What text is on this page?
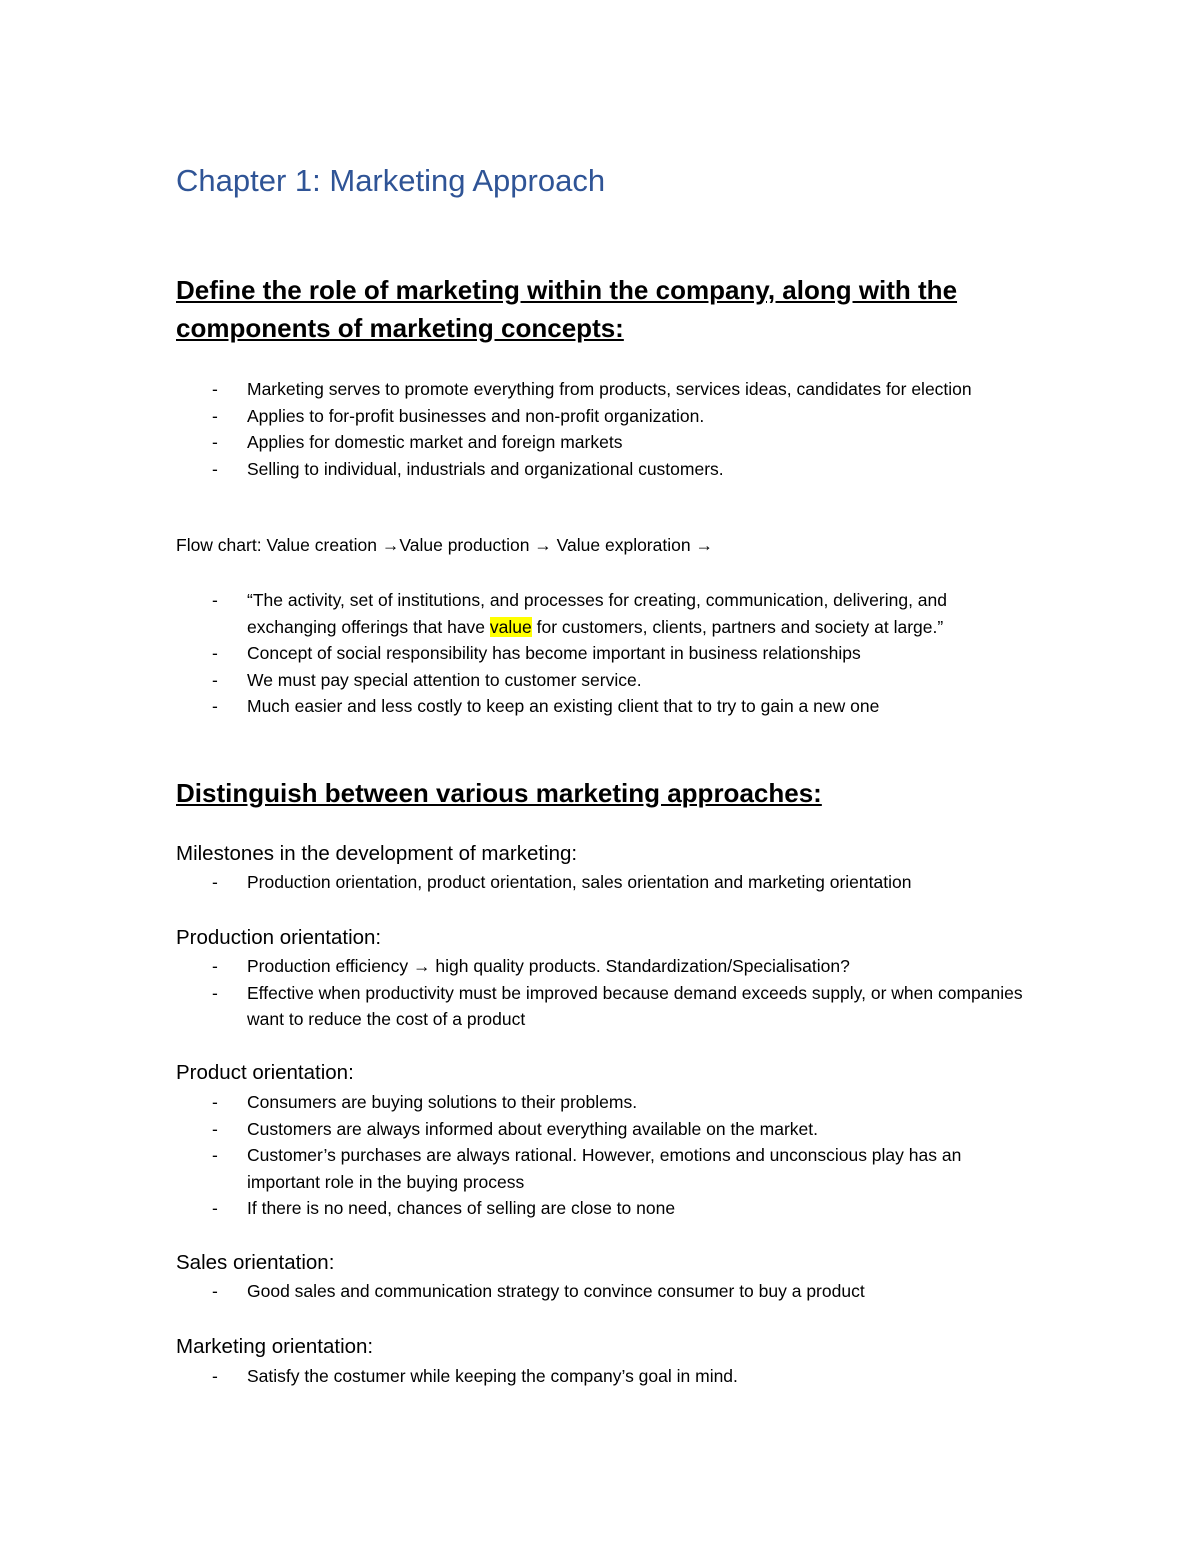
Chapter 1: Marketing Approach
Define the role of marketing within the company, along with the
components of marketing concepts:
- Marketing serves to promote everything from products, services ideas, candidates for election
- Applies to for-profit businesses and non-profit organization.
- Applies for domestic market and foreign markets
- Selling to individual, industrials and organizational customers.

Flow chart: Value creation →Value production → Value exploration →

- “The activity, set of institutions, and processes for creating, communication, delivering, and exchanging offerings that have value for customers, clients, partners and society at large.”
- Concept of social responsibility has become important in business relationships
- We must pay special attention to customer service.
- Much easier and less costly to keep an existing client that to try to gain a new one
Distinguish between various marketing approaches:
Milestones in the development of marketing:
- Production orientation, product orientation, sales orientation and marketing orientation
Production orientation:
- Production efficiency → high quality products. Standardization/Specialisation?
- Effective when productivity must be improved because demand exceeds supply, or when companies want to reduce the cost of a product
Product orientation:
- Consumers are buying solutions to their problems.
- Customers are always informed about everything available on the market.
- Customer’s purchases are always rational. However, emotions and unconscious play has an important role in the buying process
- If there is no need, chances of selling are close to none
Sales orientation:
- Good sales and communication strategy to convince consumer to buy a product
Marketing orientation:
- Satisfy the costumer while keeping the company’s goal in mind.
